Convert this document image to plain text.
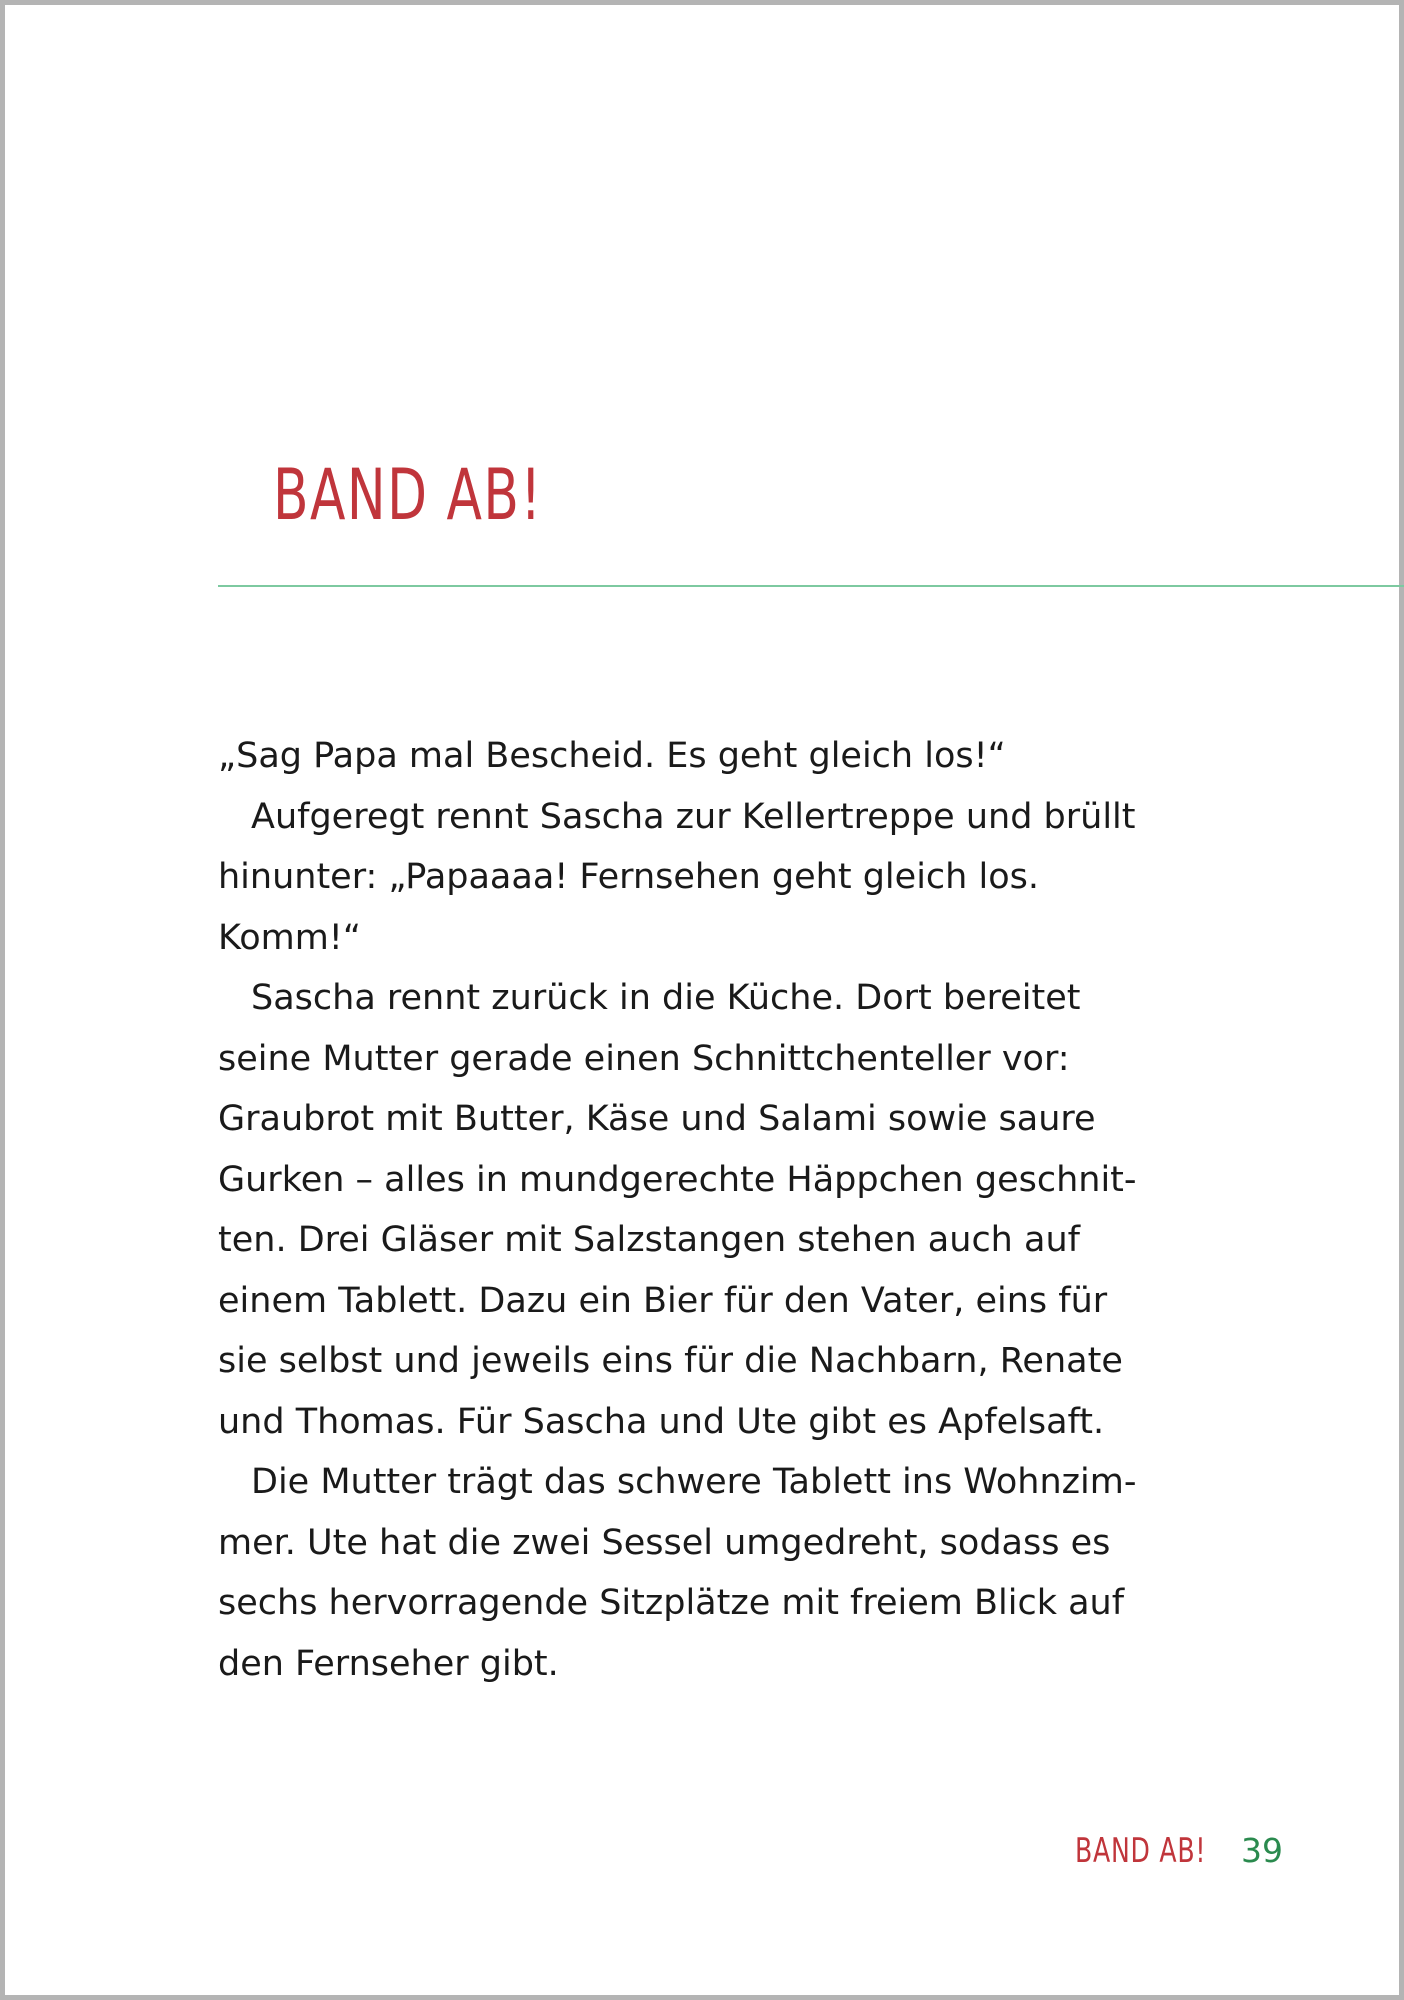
BAND AB!
„Sag Papa mal Bescheid. Es geht gleich los!“
Aufgeregt rennt Sascha zur Kellertreppe und brüllt
hinunter: „Papaaaa! Fernsehen geht gleich los.
Komm!“
Sascha rennt zurück in die Küche. Dort bereitet
seine Mutter gerade einen Schnittchenteller vor:
Graubrot mit Butter, Käse und Salami sowie saure
Gurken – alles in mundgerechte Häppchen geschnit-
ten. Drei Gläser mit Salzstangen stehen auch auf
einem Tablett. Dazu ein Bier für den Vater, eins für
sie selbst und jeweils eins für die Nachbarn, Renate
und Thomas. Für Sascha und Ute gibt es Apfelsaft.
Die Mutter trägt das schwere Tablett ins Wohnzim-
mer. Ute hat die zwei Sessel umgedreht, sodass es
sechs hervorragende Sitzplätze mit freiem Blick auf
den Fernseher gibt.
BAND AB! 39
